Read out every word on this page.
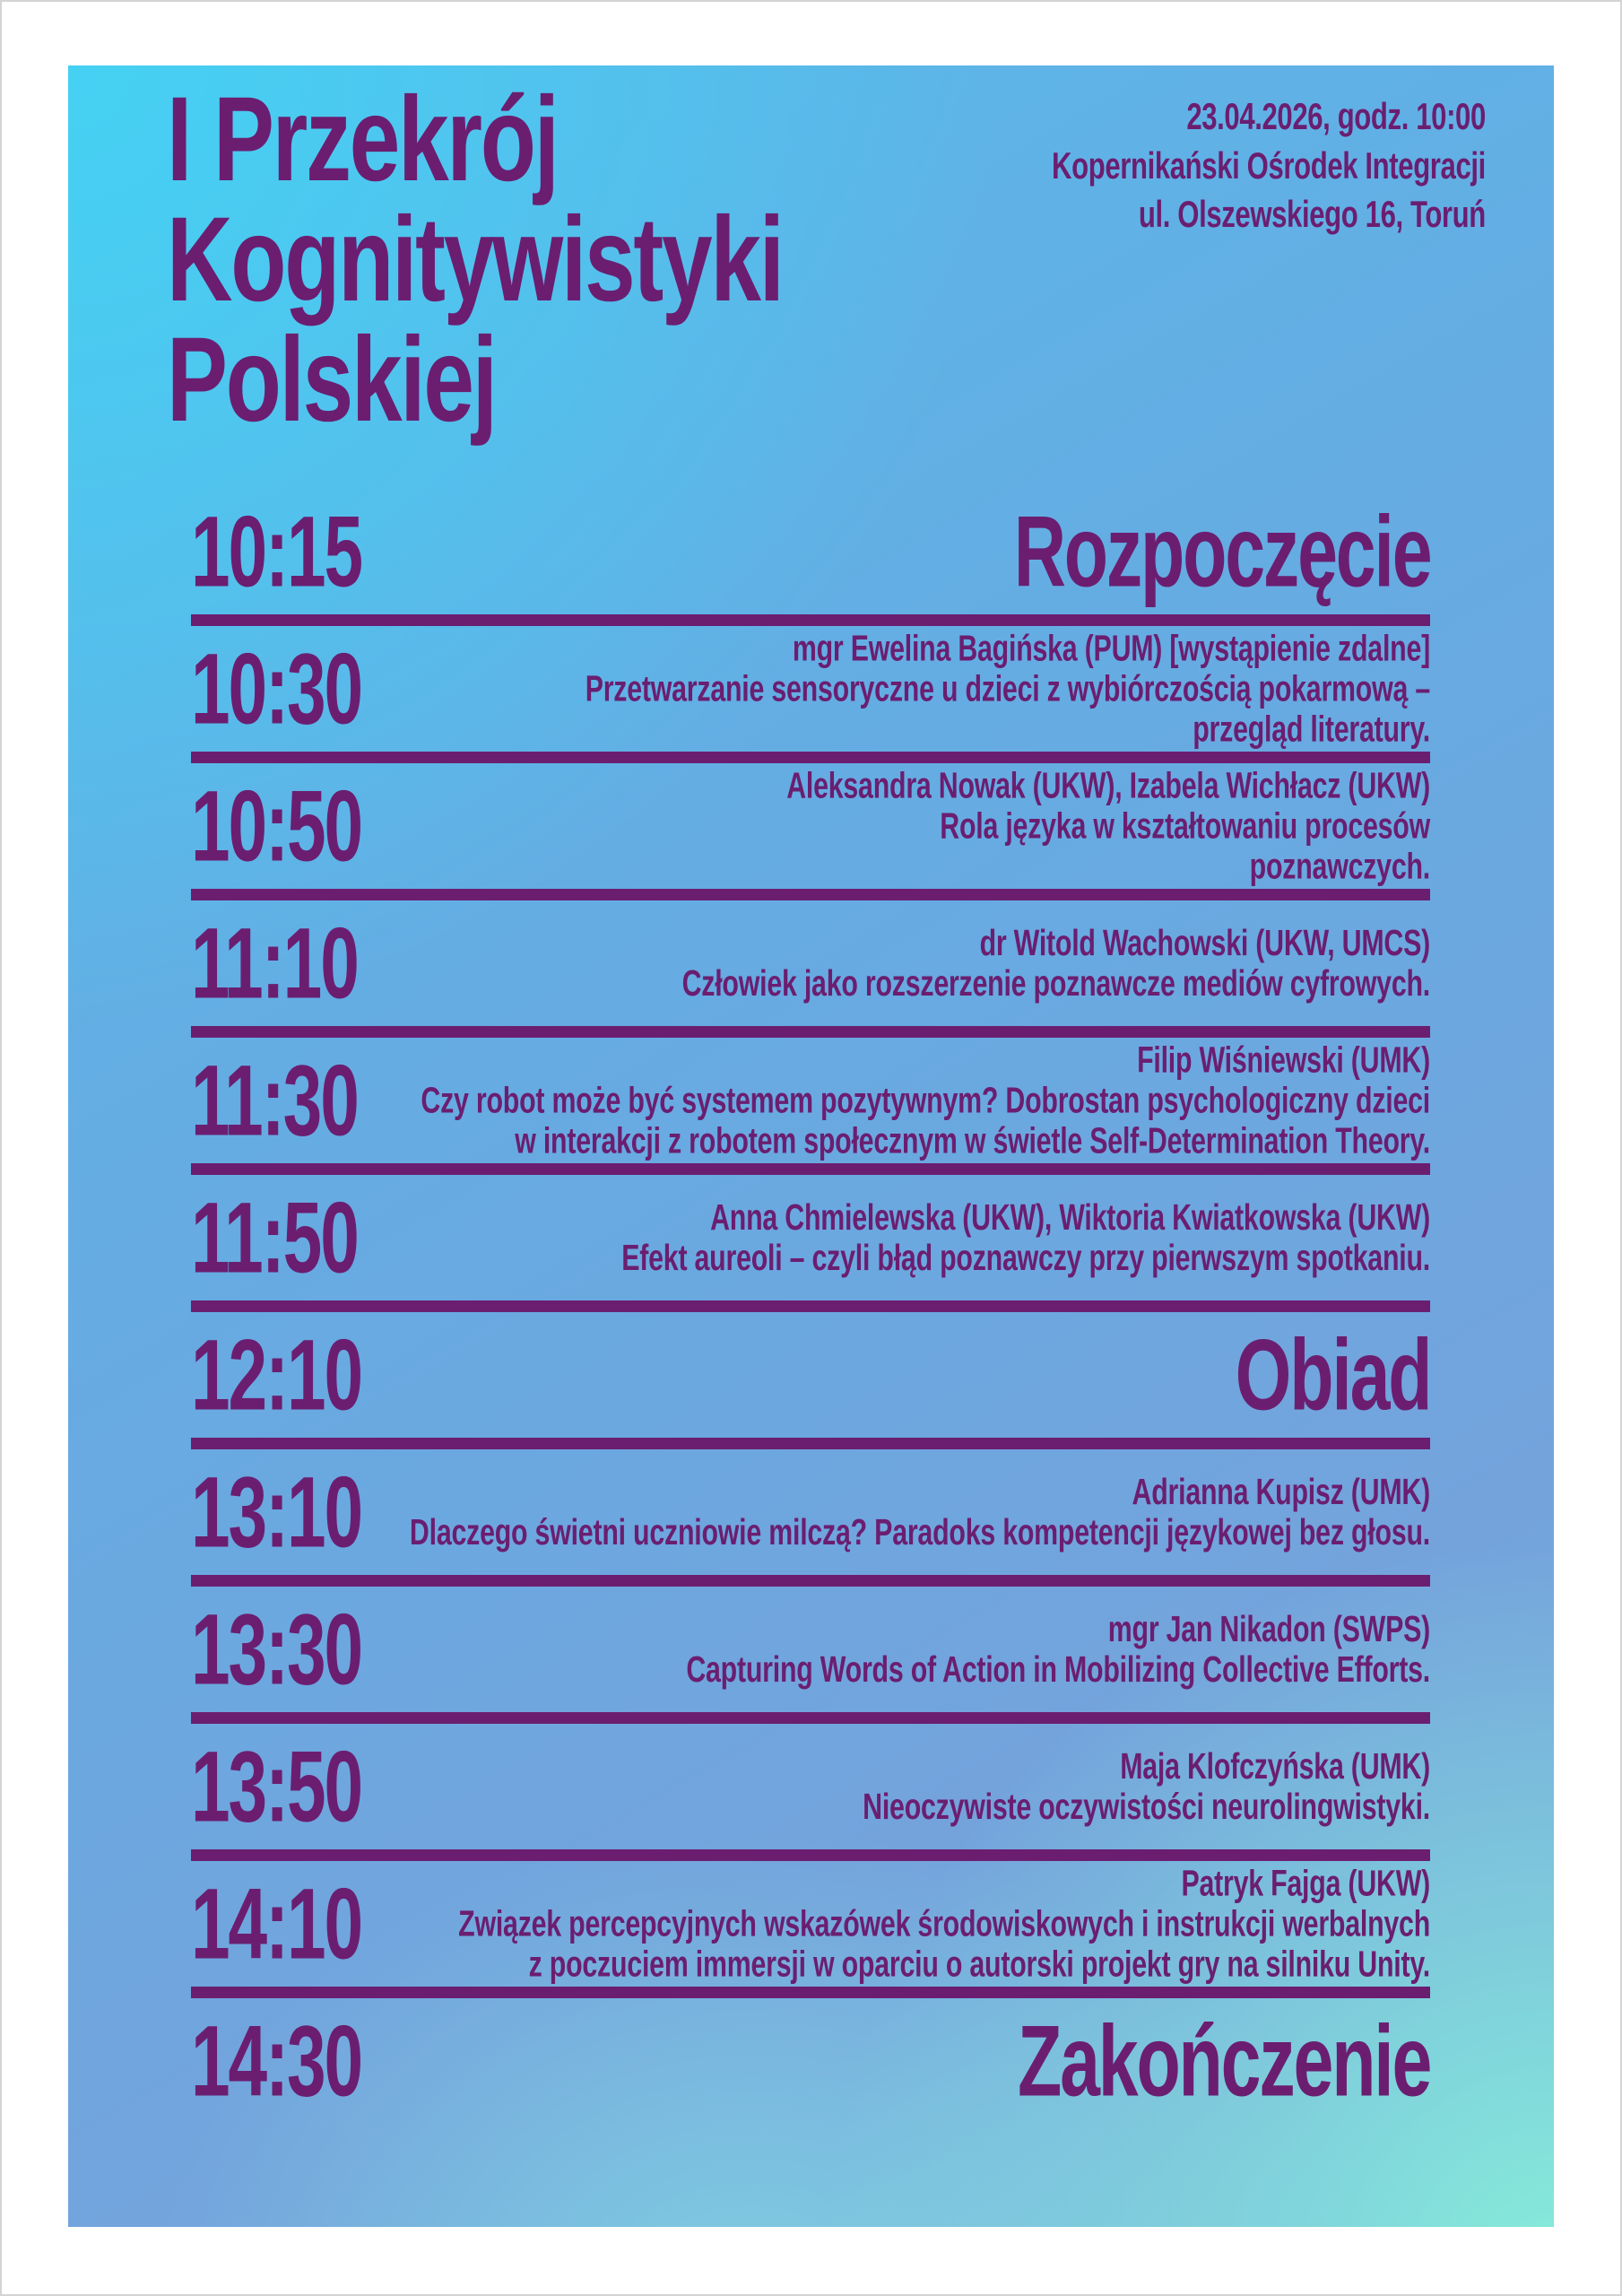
I Przekrój
Kognitywistyki
Polskiej
23.04.2026, godz. 10:00
Kopernikański Ośrodek Integracji
ul. Olszewskiego 16, Toruń
10:15	Rozpoczęcie
10:30	mgr Ewelina Bagińska (PUM) [wystąpienie zdalne]
Przetwarzanie sensoryczne u dzieci z wybiórczością pokarmową –
przegląd literatury.
10:50	Aleksandra Nowak (UKW), Izabela Wichłacz (UKW)
Rola języka w kształtowaniu procesów
poznawczych.
11:10	dr Witold Wachowski (UKW, UMCS)
Człowiek jako rozszerzenie poznawcze mediów cyfrowych.
11:30	Filip Wiśniewski (UMK)
Czy robot może być systemem pozytywnym? Dobrostan psychologiczny dzieci
w interakcji z robotem społecznym w świetle Self-Determination Theory.
11:50	Anna Chmielewska (UKW), Wiktoria Kwiatkowska (UKW)
Efekt aureoli – czyli błąd poznawczy przy pierwszym spotkaniu.
12:10	Obiad
13:10	Adrianna Kupisz (UMK)
Dlaczego świetni uczniowie milczą? Paradoks kompetencji językowej bez głosu.
13:30	mgr Jan Nikadon (SWPS)
Capturing Words of Action in Mobilizing Collective Efforts.
13:50	Maja Klofczyńska (UMK)
Nieoczywiste oczywistości neurolingwistyki.
14:10	Patryk Fajga (UKW)
Związek percepcyjnych wskazówek środowiskowych i instrukcji werbalnych
z poczuciem immersji w oparciu o autorski projekt gry na silniku Unity.
14:30	Zakończenie
